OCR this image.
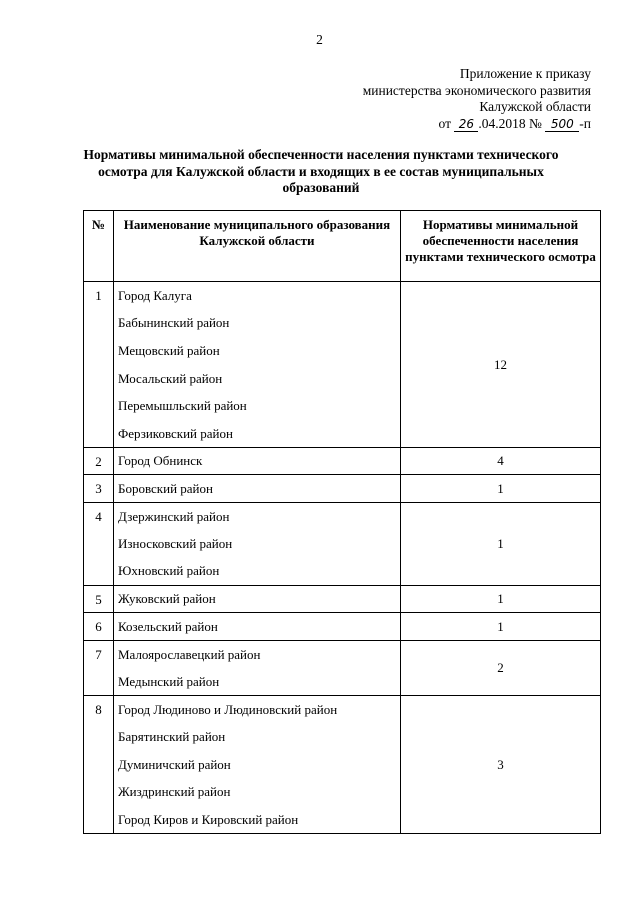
2
Приложение к приказу
министерства экономического развития
Калужской области
от 26 .04.2018 № 500 -п
Нормативы минимальной обеспеченности населения пунктами технического осмотра для Калужской области и входящих в ее состав муниципальных образований
№	Наименование муниципального образования Калужской области	Нормативы минимальной обеспеченности населения пунктами технического осмотра
1	Город Калуга	12
	Бабынинский район	
	Мещовский район	
	Мосальский район	
	Перемышльский район	
	Ферзиковский район	
2	Город Обнинск	4
3	Боровский район	1
4	Дзержинский район	1
	Износковский район	
	Юхновский район	
5	Жуковский район	1
6	Козельский район	1
7	Малоярославецкий район	2
	Медынский район	
8	Город Людиново и Людиновский район	3
	Барятинский район	
	Думиничский район	
	Жиздринский район	
	Город Киров и Кировский район	
